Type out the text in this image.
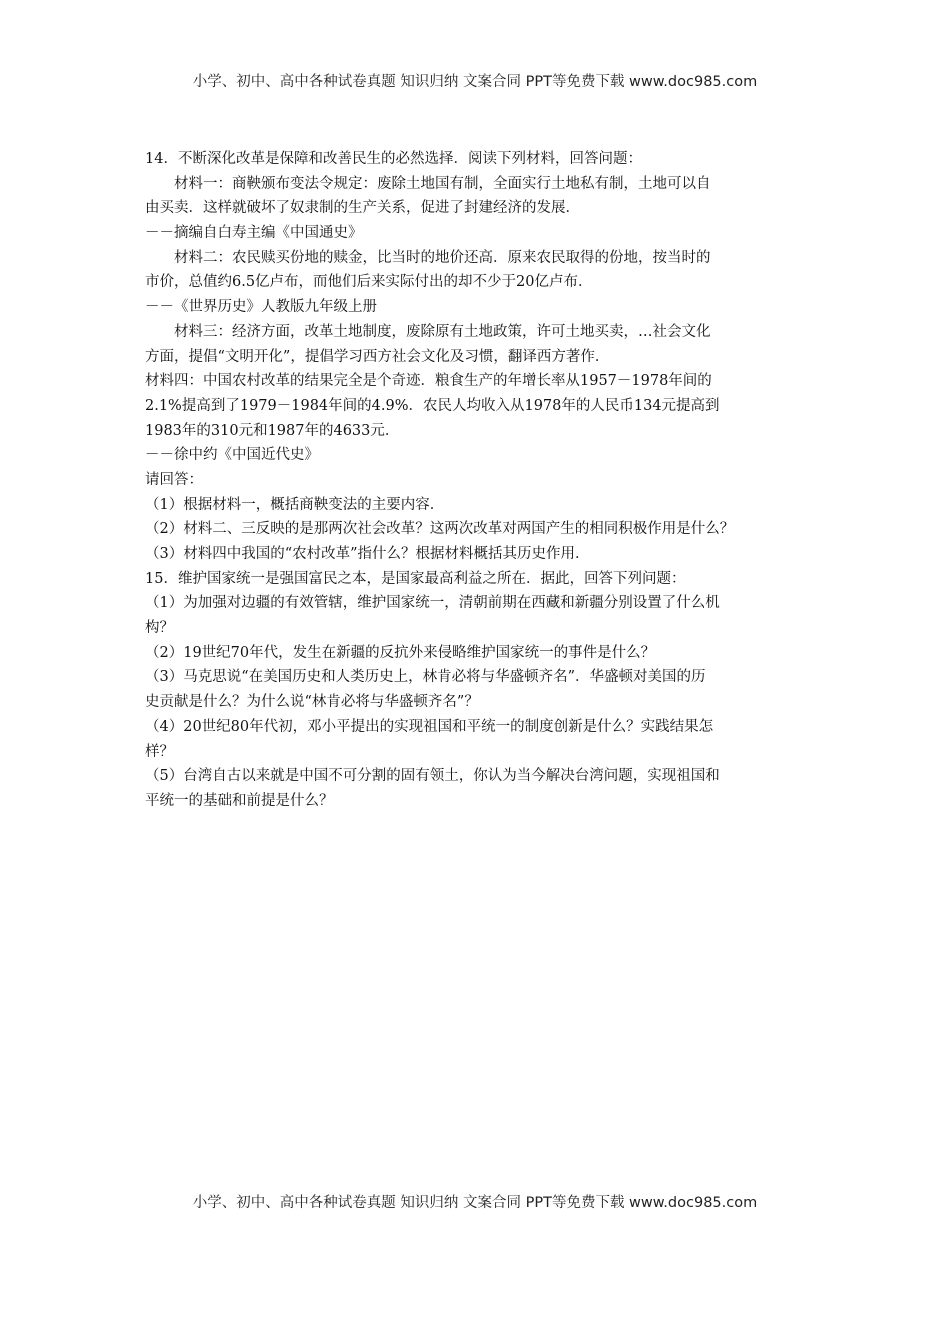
小学、初中、高中各种试卷真题 知识归纳 文案合同 PPT等免费下载 www.doc985.com
14．不断深化改革是保障和改善民生的必然选择．阅读下列材料，回答问题：
材料一：商鞅颁布变法令规定：废除土地国有制，全面实行土地私有制，土地可以自
由买卖．这样就破坏了奴隶制的生产关系，促进了封建经济的发展．
－－摘编自白寿主编《中国通史》
材料二：农民赎买份地的赎金，比当时的地价还高．原来农民取得的份地，按当时的
市价，总值约6.5亿卢布，而他们后来实际付出的却不少于20亿卢布．
－－《世界历史》人教版九年级上册
材料三：经济方面，改革土地制度，废除原有土地政策，许可土地买卖，…社会文化
方面，提倡“文明开化”，提倡学习西方社会文化及习惯，翻译西方著作．
材料四：中国农村改革的结果完全是个奇迹．粮食生产的年增长率从1957－1978年间的
2.1%提高到了1979－1984年间的4.9%．农民人均收入从1978年的人民币134元提高到
1983年的310元和1987年的4633元．
－－徐中约《中国近代史》
请回答：
（1）根据材料一，概括商鞅变法的主要内容．
（2）材料二、三反映的是那两次社会改革？这两次改革对两国产生的相同积极作用是什么？
（3）材料四中我国的“农村改革”指什么？根据材料概括其历史作用．
15．维护国家统一是强国富民之本，是国家最高利益之所在．据此，回答下列问题：
（1）为加强对边疆的有效管辖，维护国家统一，清朝前期在西藏和新疆分别设置了什么机
构？
（2）19世纪70年代，发生在新疆的反抗外来侵略维护国家统一的事件是什么？
（3）马克思说“在美国历史和人类历史上，林肯必将与华盛顿齐名”．华盛顿对美国的历
史贡献是什么？为什么说“林肯必将与华盛顿齐名”？
（4）20世纪80年代初，邓小平提出的实现祖国和平统一的制度创新是什么？实践结果怎
样？
（5）台湾自古以来就是中国不可分割的固有领土，你认为当今解决台湾问题，实现祖国和
平统一的基础和前提是什么？
小学、初中、高中各种试卷真题 知识归纳 文案合同 PPT等免费下载 www.doc985.com
